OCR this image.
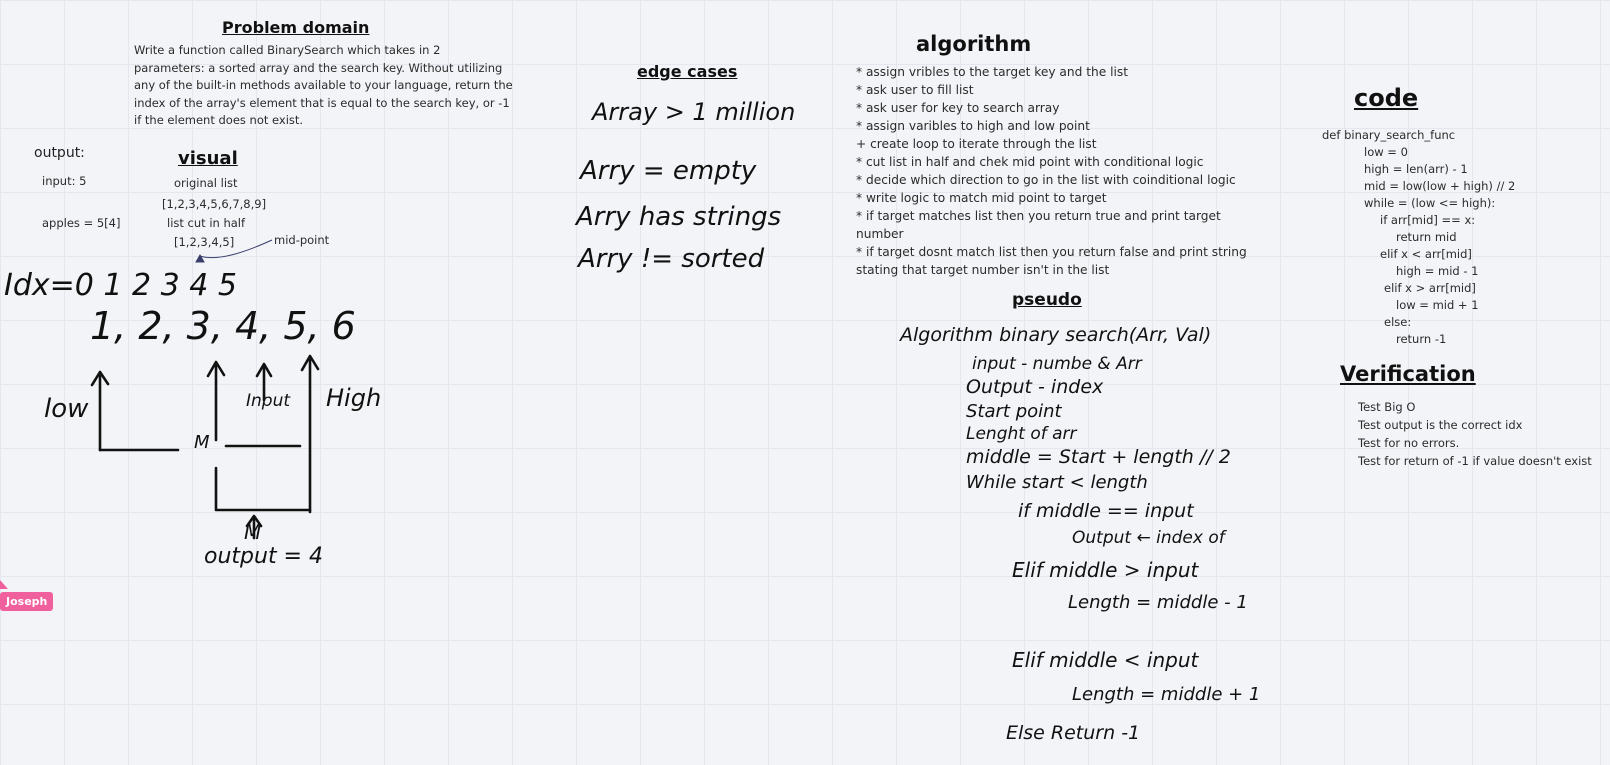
Problem domain
Write a function called BinarySearch which takes in 2 parameters: a sorted array and the search key. Without utilizing any of the built-in methods available to your language, return the index of the array's element that is equal to the search key, or -1 if the element does not exist.
output:	visual
input: 5	original list
[1,2,3,4,5,6,7,8,9]
apples = 5[4]	list cut in half
[1,2,3,4,5]	mid-point
Idx=0 1 2 3 4 5
1, 2, 3, 4, 5, 6
low	High
Input
M
M
output = 4
edge cases
Array > 1 million
Arry = empty
Arry has strings
Arry != sorted
algorithm
* assign vribles to the target key and the list
* ask user to fill list
* ask user for key to search array
* assign varibles to high and low point
+ create loop to iterate through the list
* cut list in half and chek mid point with conditional logic
* decide which direction to go in the list with coinditional logic
* write logic to match mid point to target
* if target matches list then you return true and print target
number
* if target dosnt match list then you return false and print string
stating that target number isn't in the list
pseudo
Algorithm binary search(Arr, Val)
input - numbe & Arr
Output - index
Start point
Lenght of arr
middle = Start + length // 2
While start < length
if middle == input
Output ← index of
Elif middle > input
Length = middle - 1
Elif middle < input
Length = middle + 1
Else Return -1
code
def binary_search_func
low = 0
high = len(arr) - 1
mid = low(low + high) // 2
while = (low <= high):
if arr[mid] == x:
return mid
elif x < arr[mid]
high = mid - 1
elif x > arr[mid]
low = mid + 1
else:
return -1
Verification
Test Big O
Test output is the correct idx
Test for no errors.
Test for return of -1 if value doesn't exist
Joseph
